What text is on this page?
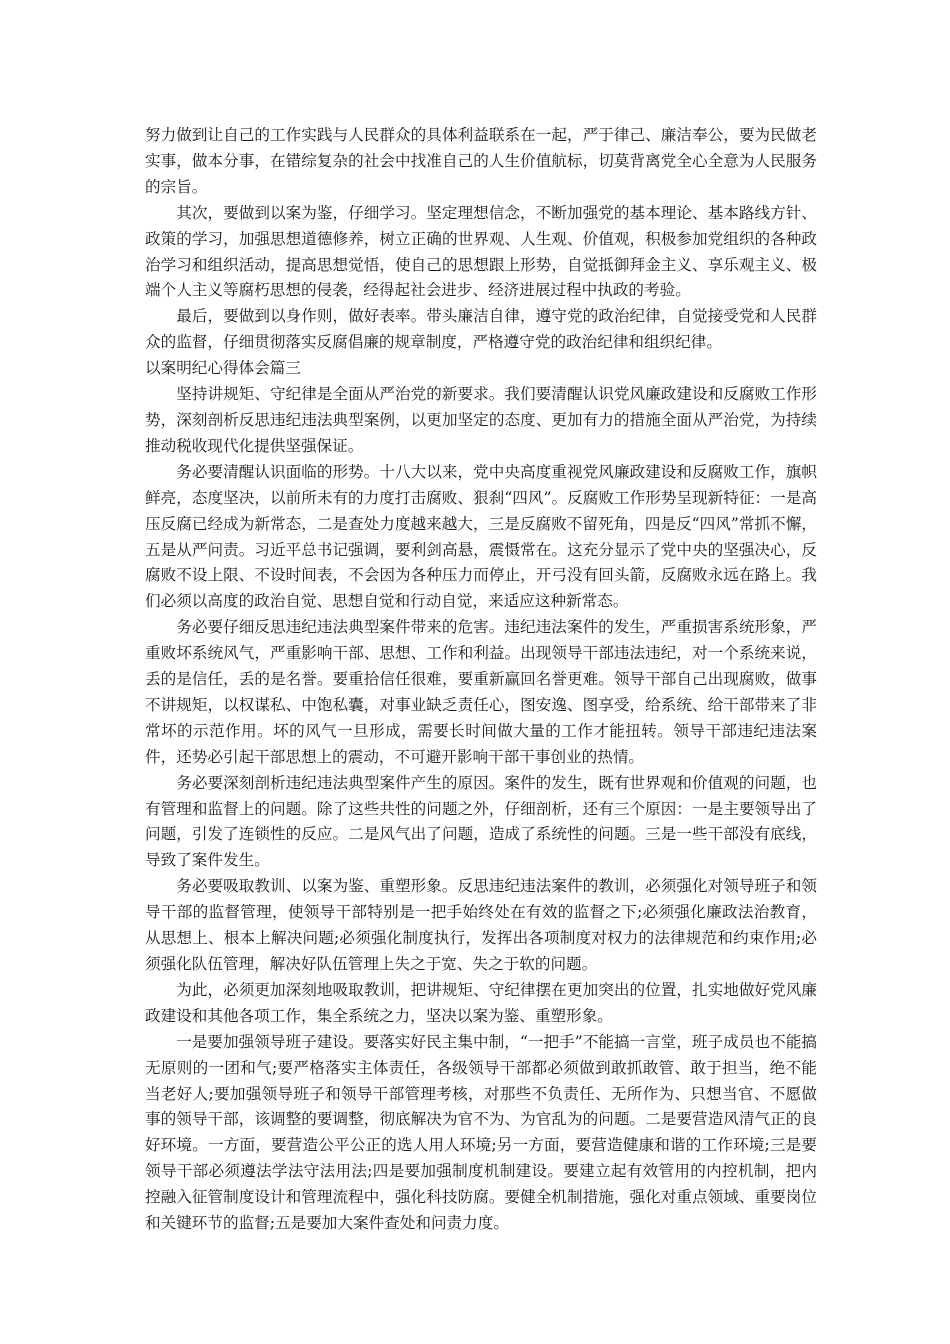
努力做到让自己的工作实践与人民群众的具体利益联系在一起，严于律己、廉洁奉公，要为民做老实事，做本分事，在错综复杂的社会中找准自己的人生价值航标，切莫背离党全心全意为人民服务的宗旨。

其次，要做到以案为鉴，仔细学习。坚定理想信念，不断加强党的基本理论、基本路线方针、政策的学习，加强思想道德修养，树立正确的世界观、人生观、价值观，积极参加党组织的各种政治学习和组织活动，提高思想觉悟，使自己的思想跟上形势，自觉抵御拜金主义、享乐观主义、极端个人主义等腐朽思想的侵袭，经得起社会进步、经济进展过程中执政的考验。

最后，要做到以身作则，做好表率。带头廉洁自律，遵守党的政治纪律，自觉接受党和人民群众的监督，仔细贯彻落实反腐倡廉的规章制度，严格遵守党的政治纪律和组织纪律。

以案明纪心得体会篇三

坚持讲规矩、守纪律是全面从严治党的新要求。我们要清醒认识党风廉政建设和反腐败工作形势，深刻剖析反思违纪违法典型案例，以更加坚定的态度、更加有力的措施全面从严治党，为持续推动税收现代化提供坚强保证。

务必要清醒认识面临的形势。十八大以来，党中央高度重视党风廉政建设和反腐败工作，旗帜鲜亮，态度坚决，以前所未有的力度打击腐败、狠刹“四风”。反腐败工作形势呈现新特征：一是高压反腐已经成为新常态，二是查处力度越来越大，三是反腐败不留死角，四是反“四风”常抓不懈，五是从严问责。习近平总书记强调，要利剑高悬，震慑常在。这充分显示了党中央的坚强决心，反腐败不设上限、不设时间表，不会因为各种压力而停止，开弓没有回头箭，反腐败永远在路上。我们必须以高度的政治自觉、思想自觉和行动自觉，来适应这种新常态。

务必要仔细反思违纪违法典型案件带来的危害。违纪违法案件的发生，严重损害系统形象，严重败坏系统风气，严重影响干部、思想、工作和利益。出现领导干部违法违纪，对一个系统来说，丢的是信任，丢的是名誉。要重拾信任很难，要重新赢回名誉更难。领导干部自己出现腐败，做事不讲规矩，以权谋私、中饱私囊，对事业缺乏责任心，图安逸、图享受，给系统、给干部带来了非常坏的示范作用。坏的风气一旦形成，需要长时间做大量的工作才能扭转。领导干部违纪违法案件，还势必引起干部思想上的震动，不可避开影响干部干事创业的热情。

务必要深刻剖析违纪违法典型案件产生的原因。案件的发生，既有世界观和价值观的问题，也有管理和监督上的问题。除了这些共性的问题之外，仔细剖析，还有三个原因：一是主要领导出了问题，引发了连锁性的反应。二是风气出了问题，造成了系统性的问题。三是一些干部没有底线，导致了案件发生。

务必要吸取教训、以案为鉴、重塑形象。反思违纪违法案件的教训，必须强化对领导班子和领导干部的监督管理，使领导干部特别是一把手始终处在有效的监督之下;必须强化廉政法治教育，从思想上、根本上解决问题;必须强化制度执行，发挥出各项制度对权力的法律规范和约束作用;必须强化队伍管理，解决好队伍管理上失之于宽、失之于软的问题。

为此，必须更加深刻地吸取教训，把讲规矩、守纪律摆在更加突出的位置，扎实地做好党风廉政建设和其他各项工作，集全系统之力，坚决以案为鉴、重塑形象。

一是要加强领导班子建设。要落实好民主集中制，“一把手”不能搞一言堂，班子成员也不能搞无原则的一团和气;要严格落实主体责任，各级领导干部都必须做到敢抓敢管、敢于担当，绝不能当老好人;要加强领导班子和领导干部管理考核，对那些不负责任、无所作为、只想当官、不愿做事的领导干部，该调整的要调整，彻底解决为官不为、为官乱为的问题。二是要营造风清气正的良好环境。一方面，要营造公平公正的选人用人环境;另一方面，要营造健康和谐的工作环境;三是要领导干部必须遵法学法守法用法;四是要加强制度机制建设。要建立起有效管用的内控机制，把内控融入征管制度设计和管理流程中，强化科技防腐。要健全机制措施，强化对重点领域、重要岗位和关键环节的监督;五是要加大案件查处和问责力度。
